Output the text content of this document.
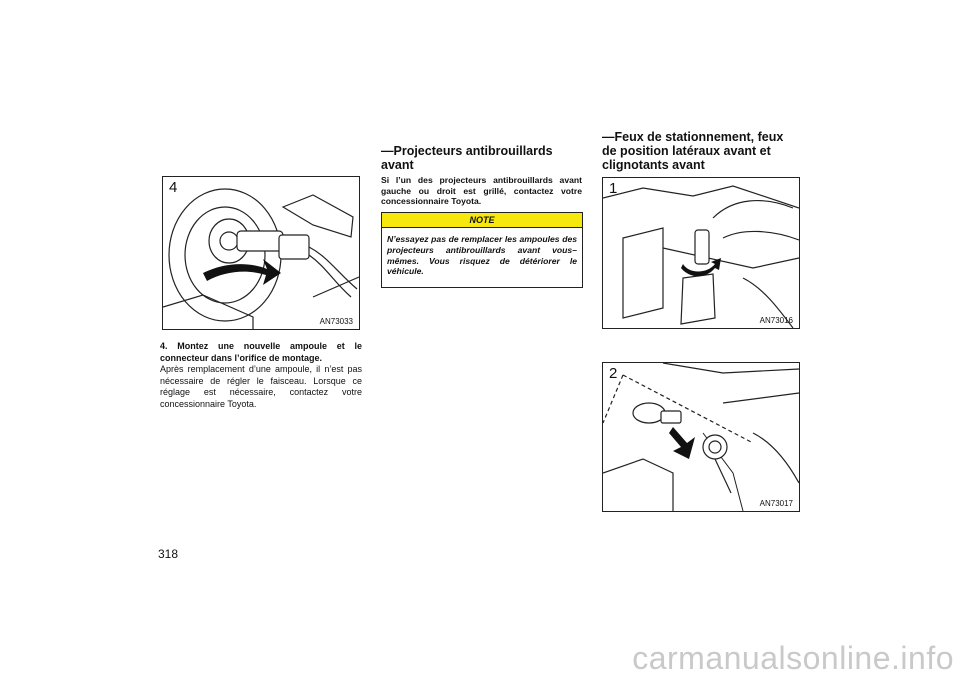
4
AN73033
4. Montez une nouvelle ampoule et le connecteur dans l’orifice de montage.
Après remplacement d’une ampoule, il n’est pas nécessaire de régler le faisceau. Lorsque ce réglage est nécessaire, contactez votre concessionnaire Toyota.
—Projecteurs antibrouillards
avant
Si l’un des projecteurs antibrouillards avant gauche ou droit est grillé, contactez votre concessionnaire Toyota.
NOTE
N’essayez pas de remplacer les ampoules des projecteurs antibrouillards avant vous–mêmes. Vous risquez de détériorer le véhicule.
—Feux de stationnement, feux
de position latéraux avant et
clignotants avant
1
AN73016
2
AN73017
318
carmanualsonline.info
